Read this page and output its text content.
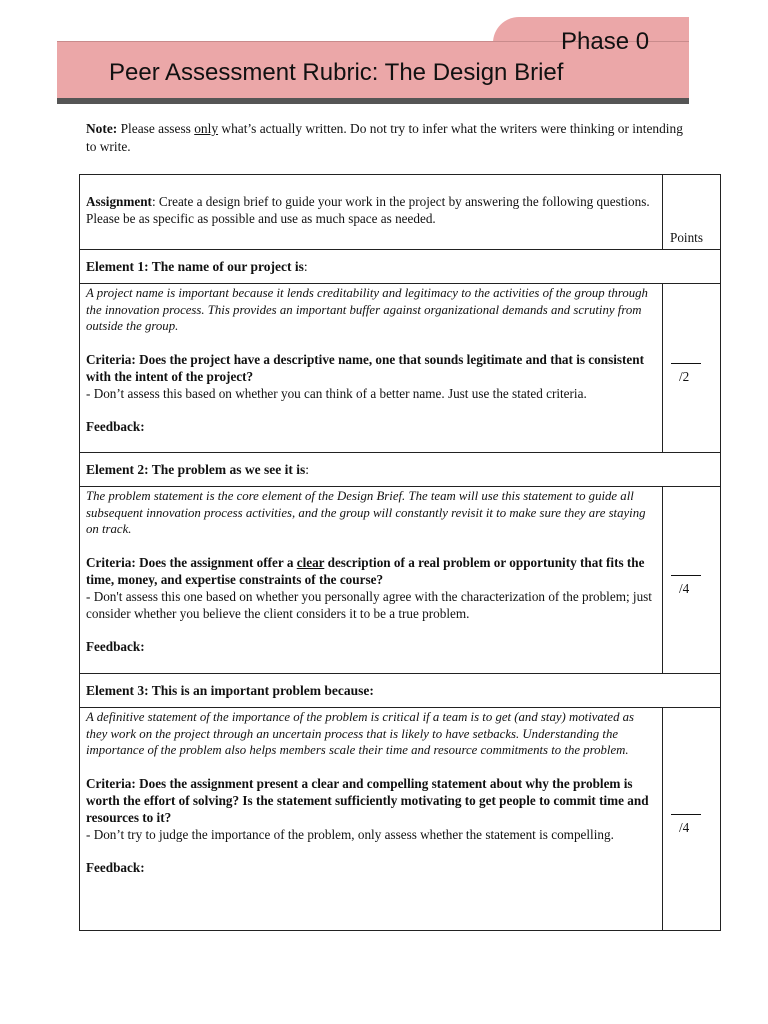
Phase 0
Peer Assessment Rubric: The Design Brief
Note: Please assess only what’s actually written. Do not try to infer what the writers were thinking or intending to write.
Assignment: Create a design brief to guide your work in the project by answering the following questions. Please be as specific as possible and use as much space as needed.	Points

Element 1: The name of our project is:	

A project name is important because it lends creditability and legitimacy to the activities of the group through the innovation process. This provides an important buffer against organizational demands and scrutiny from outside the group.
Criteria: Does the project have a descriptive name, one that sounds legitimate and that is consistent with the intent of the project?
- Don’t assess this based on whether you can think of a better name. Just use the stated criteria.
Feedback:	/2

Element 2: The problem as we see it is:	

The problem statement is the core element of the Design Brief. The team will use this statement to guide all subsequent innovation process activities, and the group will constantly revisit it to make sure they are staying on track.
Criteria: Does the assignment offer a clear description of a real problem or opportunity that fits the time, money, and expertise constraints of the course?
- Don't assess this one based on whether you personally agree with the characterization of the problem; just consider whether you believe the client considers it to be a true problem.
Feedback:	/4

Element 3: This is an important problem because:	

A definitive statement of the importance of the problem is critical if a team is to get (and stay) motivated as they work on the project through an uncertain process that is likely to have setbacks. Understanding the importance of the problem also helps members scale their time and resource commitments to the problem.
Criteria: Does the assignment present a clear and compelling statement about why the problem is worth the effort of solving? Is the statement sufficiently motivating to get people to commit time and resources to it?
- Don’t try to judge the importance of the problem, only assess whether the statement is compelling.
Feedback:	/4
